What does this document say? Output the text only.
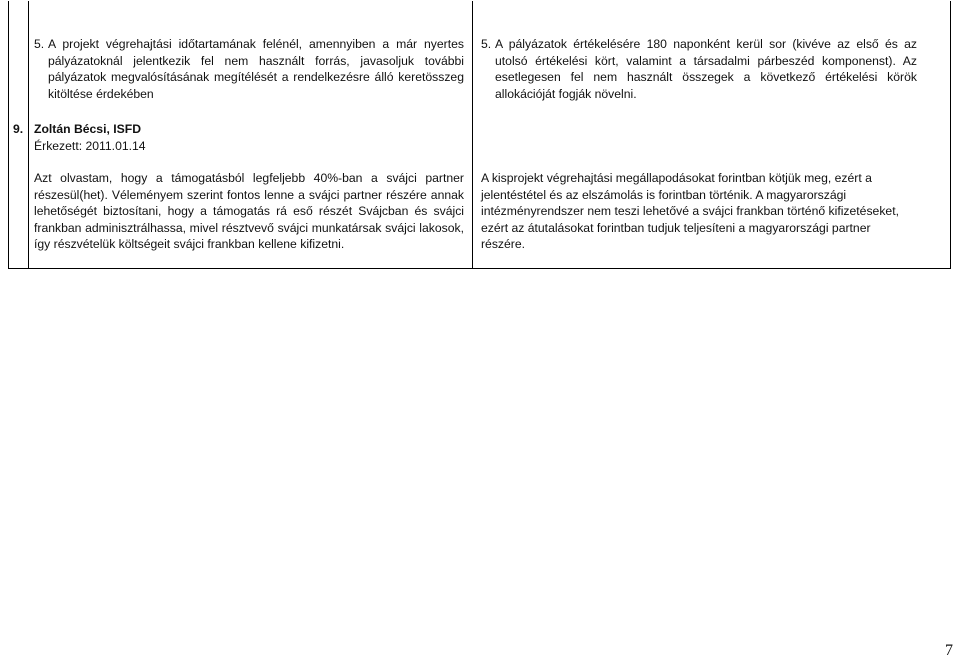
5. A projekt végrehajtási időtartamának felénél, amennyiben a már nyertes pályázatoknál jelentkezik fel nem használt forrás, javasoljuk további pályázatok megvalósításának megítélését a rendelkezésre álló keretösszeg kitöltése érdekében
5. A pályázatok értékelésére 180 naponként kerül sor (kivéve az első és az utolsó értékelési kört, valamint a társadalmi párbeszéd komponenst). Az esetlegesen fel nem használt összegek a következő értékelési körök allokációját fogják növelni.
9. Zoltán Bécsi, ISFD
Érkezett: 2011.01.14
Azt olvastam, hogy a támogatásból legfeljebb 40%-ban a svájci partner részesül(het). Véleményem szerint fontos lenne a svájci partner részére annak lehetőségét biztosítani, hogy a támogatás rá eső részét Svájcban és svájci frankban adminisztrálhassa, mivel résztvevő svájci munkatársak svájci lakosok, így részvételük költségeit svájci frankban kellene kifizetni.
A kisprojekt végrehajtási megállapodásokat forintban kötjük meg, ezért a jelentéstétel és az elszámolás is forintban történik. A magyarországi intézményrendszer nem teszi lehetővé a svájci frankban történő kifizetéseket, ezért az átutalásokat forintban tudjuk teljesíteni a magyarországi partner részére.
7
